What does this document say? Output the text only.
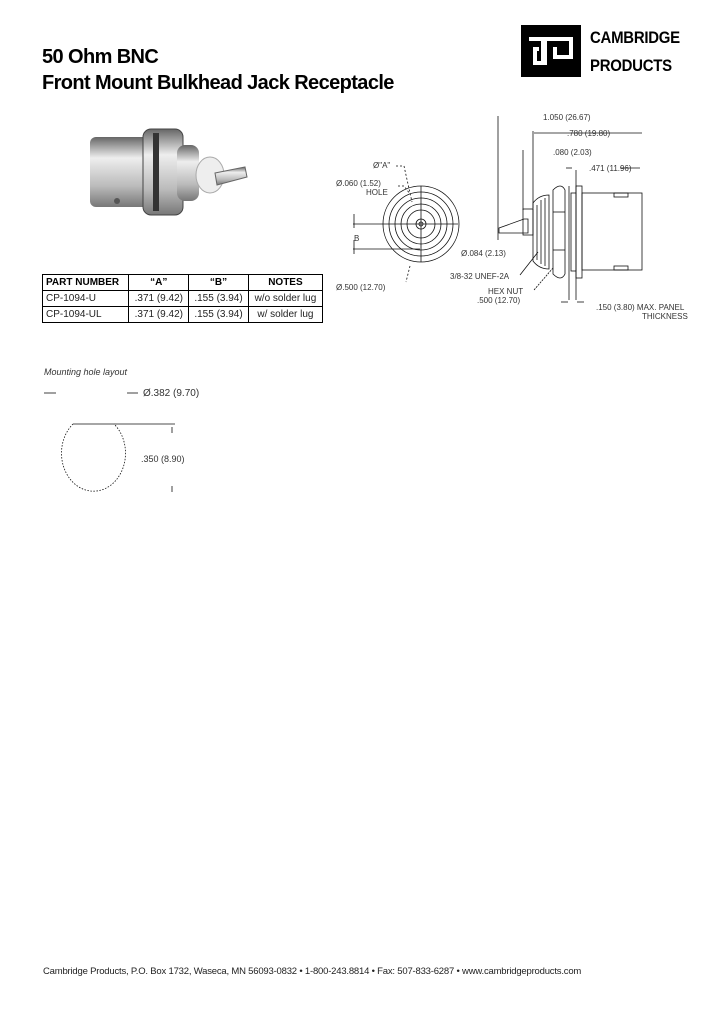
50 Ohm BNC
Front Mount Bulkhead Jack Receptacle
CAMBRIDGE
PRODUCTS
PART NUMBER	“A”	“B”	NOTES
CP-1094-U	.371 (9.42)	.155 (3.94)	w/o solder lug
CP-1094-UL	.371 (9.42)	.155 (3.94)	w/ solder lug
Ø"A"
Ø.060 (1.52)
HOLE
B
Ø.500 (12.70)
1.050 (26.67)
.780 (19.80)
.080 (2.03)
.471 (11.96)
Ø.084 (2.13)
3/8-32 UNEF-2A
HEX NUT
.500 (12.70)
.150 (3.80) MAX. PANEL
THICKNESS
Mounting hole layout
Ø.382 (9.70)
.350 (8.90)
Cambridge Products, P.O. Box 1732, Waseca, MN 56093-0832 • 1-800-243.8814 • Fax: 507-833-6287 • www.cambridgeproducts.com
